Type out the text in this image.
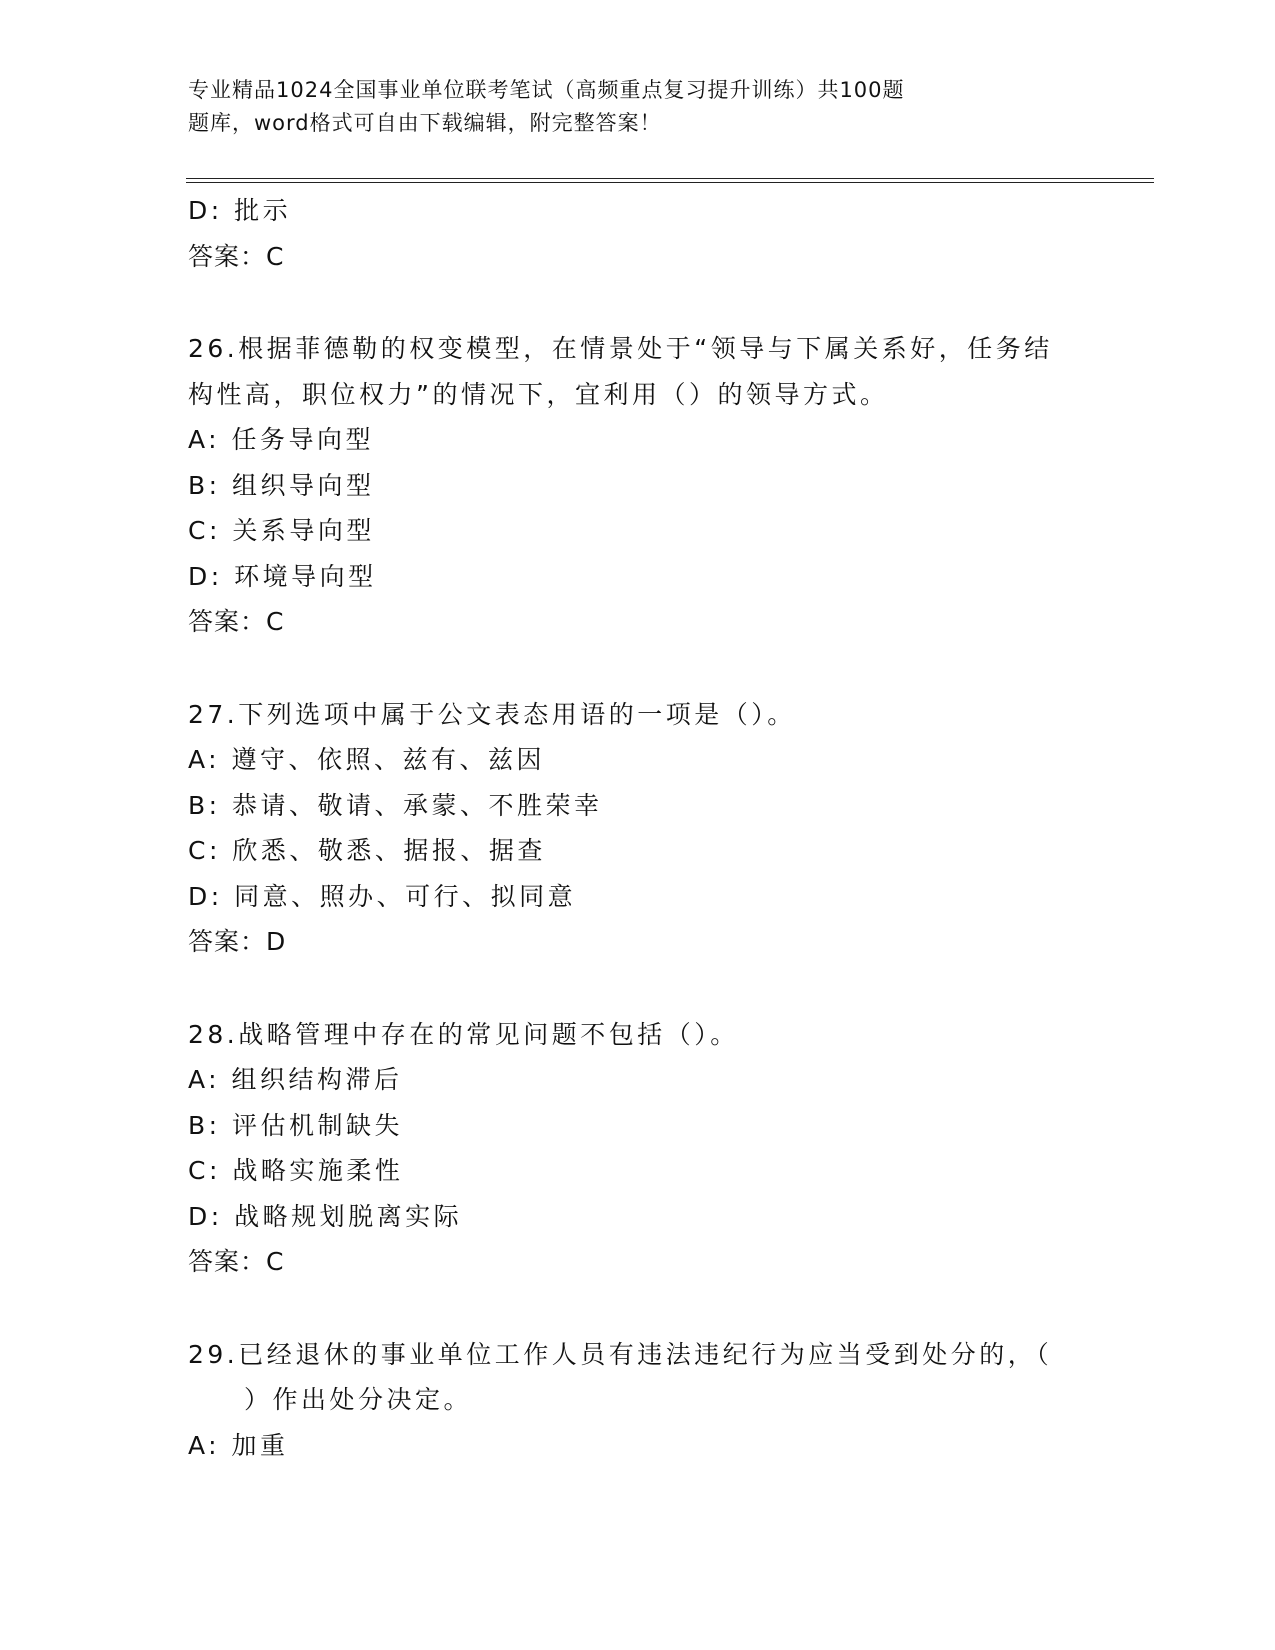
专业精品1024全国事业单位联考笔试（高频重点复习提升训练）共100题
题库，word格式可自由下载编辑，附完整答案！
D: 批示
答案：C
26.根据菲德勒的权变模型，在情景处于“领导与下属关系好，任务结
构性高，职位权力”的情况下，宜利用（）的领导方式。
A: 任务导向型
B: 组织导向型
C: 关系导向型
D: 环境导向型
答案：C
27.下列选项中属于公文表态用语的一项是（）。
A: 遵守、依照、兹有、兹因
B: 恭请、敬请、承蒙、不胜荣幸
C: 欣悉、敬悉、据报、据查
D: 同意、照办、可行、拟同意
答案：D
28.战略管理中存在的常见问题不包括（）。
A: 组织结构滞后
B: 评估机制缺失
C: 战略实施柔性
D: 战略规划脱离实际
答案：C
29.已经退休的事业单位工作人员有违法违纪行为应当受到处分的，（
）作出处分决定。
A: 加重
